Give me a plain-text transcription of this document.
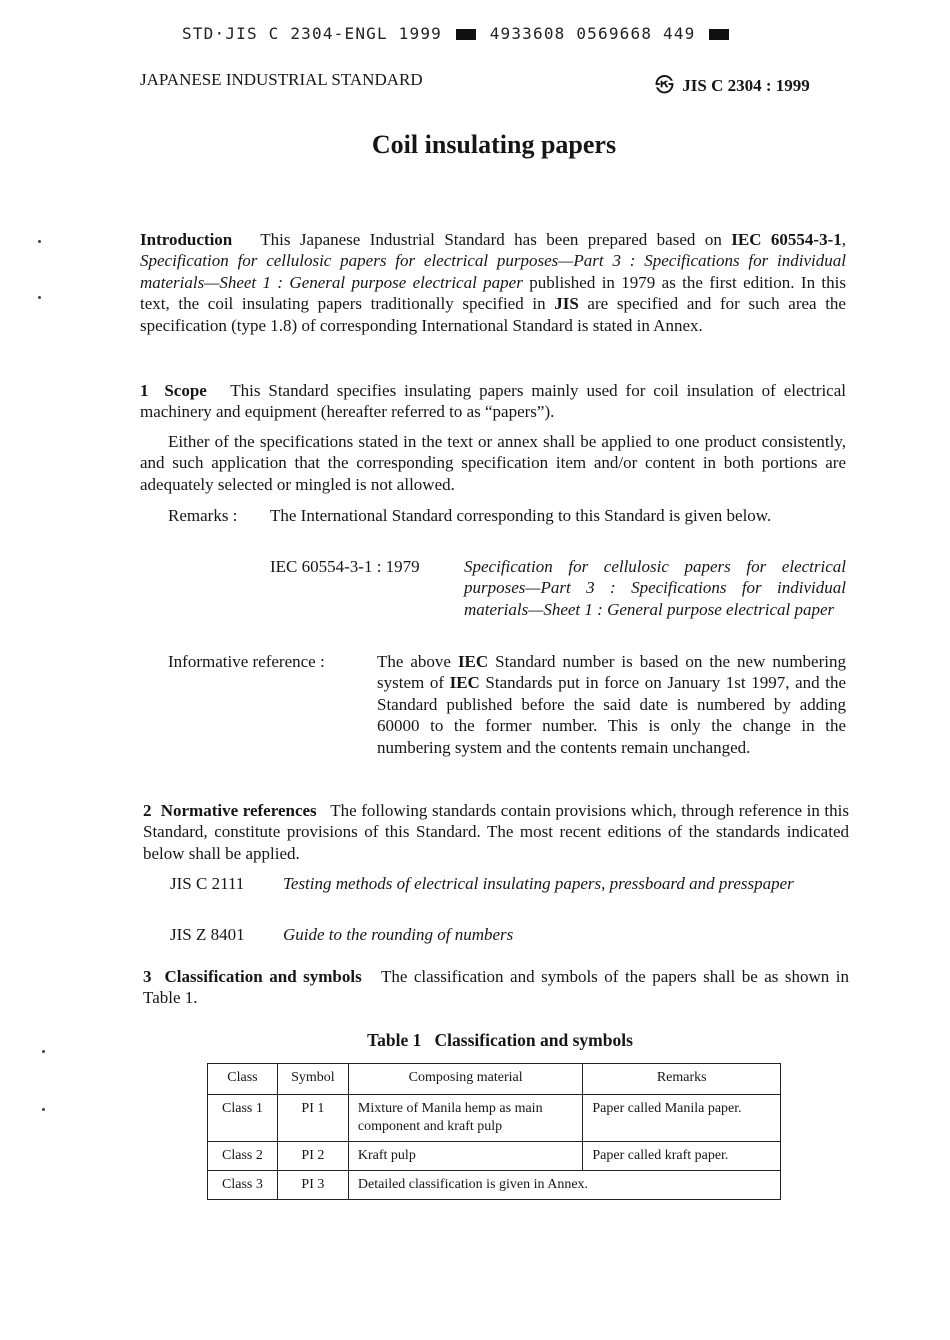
STD·JIS C 2304-ENGL 1999	4933608 0569668 449
JAPANESE INDUSTRIAL STANDARD	㉿ JIS C 2304 : 1999
Coil insulating papers
Introduction This Japanese Industrial Standard has been prepared based on IEC 60554-3-1, Specification for cellulosic papers for electrical purposes—Part 3 : Specifications for individual materials—Sheet 1 : General purpose electrical paper published in 1979 as the first edition. In this text, the coil insulating papers traditionally specified in JIS are specified and for such area the specification (type 1.8) of corresponding International Standard is stated in Annex.
1 Scope This Standard specifies insulating papers mainly used for coil insulation of electrical machinery and equipment (hereafter referred to as “papers”).
Either of the specifications stated in the text or annex shall be applied to one product consistently, and such application that the corresponding specification item and/or content in both portions are adequately selected or mingled is not allowed.
Remarks :	The International Standard corresponding to this Standard is given below.
IEC 60554-3-1 : 1979	Specification for cellulosic papers for electrical purposes—Part 3 : Specifications for individual materials—Sheet 1 : General purpose electrical paper
Informative reference :	The above IEC Standard number is based on the new numbering system of IEC Standards put in force on January 1st 1997, and the Standard published before the said date is numbered by adding 60000 to the former number. This is only the change in the numbering system and the contents remain unchanged.
2 Normative references The following standards contain provisions which, through reference in this Standard, constitute provisions of this Standard. The most recent editions of the standards indicated below shall be applied.
JIS C 2111	Testing methods of electrical insulating papers, pressboard and presspaper
JIS Z 8401	Guide to the rounding of numbers
3 Classification and symbols The classification and symbols of the papers shall be as shown in Table 1.
Table 1   Classification and symbols
Class	Symbol	Composing material	Remarks
Class 1	PI 1	Mixture of Manila hemp as main component and kraft pulp	Paper called Manila paper.
Class 2	PI 2	Kraft pulp	Paper called kraft paper.
Class 3	PI 3	Detailed classification is given in Annex.	
